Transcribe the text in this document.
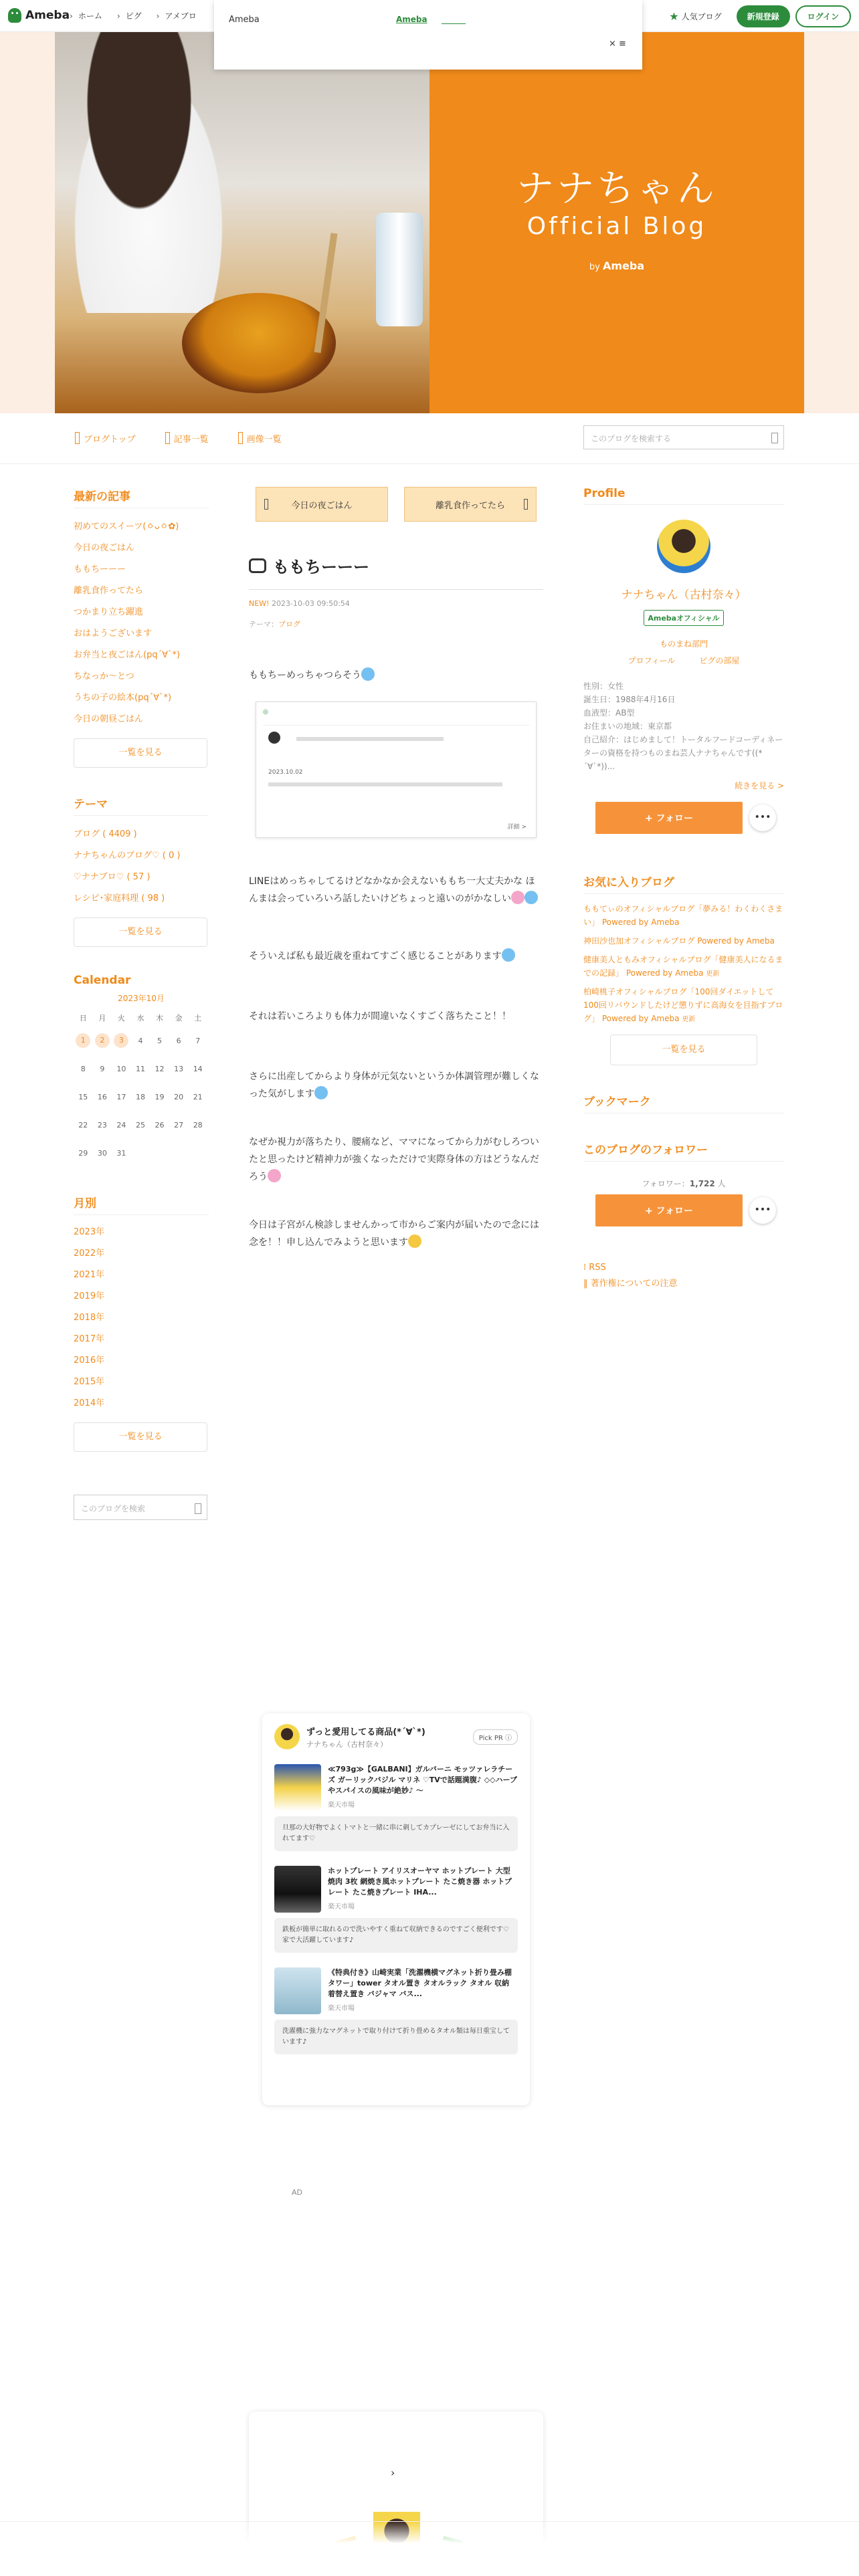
Ameba	› ホーム	› ピグ	› アメブロ	★ 人気ブログ	新規登録	ログイン
ナナちゃん
Official Blog
by Ameba
Ameba	Ameba
× ≡
ブログトップ	記事一覧	画像一覧	このブログを検索する
最新の記事
初めてのスイーツ(ㆁᴗㆁ✿)
今日の夜ごはん
ももちーーー
離乳食作ってたら
つかまり立ち躍進
おはようございます
お弁当と夜ごはん(pq´∀`*)
ちなっか〜とつ
うちの子の絵本(pq´∀`*)
今日の朝昼ごはん
一覧を見る
テーマ
ブログ ( 4409 )
ナナちゃんのブログ♡ ( 0 )
♡ナナブロ♡ ( 57 )
レシピ･家庭料理 ( 98 )
一覧を見る
Calendar
2023年10月
日	月	火	水	木	金	土
1	2	3	4	5	6	7
8	9	10	11	12	13	14
15	16	17	18	19	20	21
22	23	24	25	26	27	28
29	30	31				
月別
2023年
2022年
2021年
2019年
2018年
2017年
2016年
2015年
2014年
一覧を見る
このブログを検索
今日の夜ごはん	離乳食作ってたら
ももちーーー
NEW! 2023-10-03 09:50:54
テーマ：ブログ

ももちーめっちゃつらそう

◎
2023.10.02
詳細 >

LINEはめっちゃしてるけどなかなか会えないももち一大丈夫かな ほんまは会っていろいろ話したいけどちょっと遠いのがかなしい

そういえば私も最近歳を重ねてすごく感じることがあります

それは若いころよりも体力が間違いなくすごく落ちたこと！！

さらに出産してからより身体が元気ないというか体調管理が難しくなった気がします

なぜか視力が落ちたり、腰痛など、ママになってから力がむしろついたと思ったけど精神力が強くなっただけで実際身体の方はどうなんだろう

今日は子宮がん検診しませんかって市からご案内が届いたので念には念を！！申し込んでみようと思います

Profile
ナナちゃん（古村奈々）
Amebaオフィシャル
ものまね部門
プロフィール	ピグの部屋
性別：女性
誕生日：1988年4月16日
血液型：AB型
お住まいの地域：東京都
自己紹介：はじめまして！トータルフードコーディネーターの資格を持つものまね芸人ナナちゃんです((*´∀`*))...
続きを見る >
+ フォロー	•••
お気に入りブログ
ももてぃのオフィシャルブログ「夢みる！わくわくさまい」 Powered by Ameba
神田沙也加オフィシャルブログ Powered by Ameba
健康美人ともみオフィシャルブログ「健康美人になるまでの記録」 Powered by Ameba 更新
柏崎桃子オフィシャルブログ「100回ダイエットして100回リバウンドしたけど懲りずに高海女を目指すブログ」 Powered by Ameba 更新
一覧を見る
ブックマーク
このブログのフォロワー
フォロワー：1,722 人
+ フォロー	•••
⁞ RSS
‖ 著作権についての注意
ずっと愛用してる商品(*´∀`*)
ナナちゃん（古村奈々）
Pick PR ⓘ
≪793g≫【GALBANI】ガルバーニ モッツァレラチーズ ガーリックバジル マリネ ♡TVで話題満腹♪ ◇◇ハーブやスパイスの風味が絶妙♪ 〜
楽天市場
旦那の大好物でよくトマトと一緒に串に刺してカプレーゼにしてお弁当に入れてます♡
ホットプレート アイリスオーヤマ ホットプレート 大型 焼肉 3枚 網焼き風ホットプレート たこ焼き器 ホットプレート たこ焼きプレート IHA...
楽天市場
鉄板が簡単に取れるので洗いやすく重ねて収納できるのですごく便利です♡家で大活躍しています♪
《特典付き》山崎実業「洗濯機横マグネット折り畳み棚 タワー」tower タオル置き タオルラック タオル 収納 着替え置き バジャマ バス...
楽天市場
洗濯機に強力なマグネットで取り付けて折り畳めるタオル類は毎日重宝しています♪
AD
›
